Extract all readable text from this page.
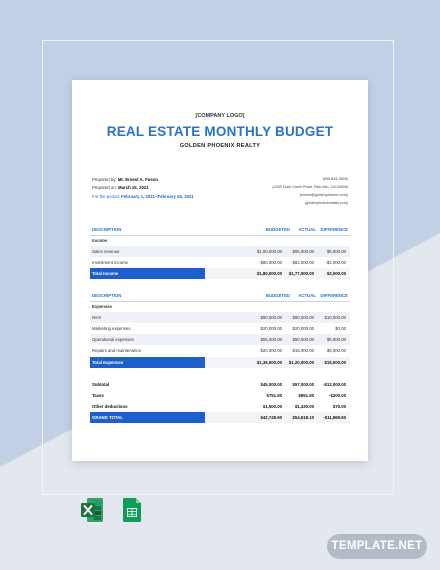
[COMPANY LOGO]
REAL ESTATE MONTHLY BUDGET
GOLDEN PHOENIX REALTY
Prepared by: Mr. Ernest A. Fuson
Prepared on: March 15, 2021
For the period: February 1, 2021–February 28, 2021
(650-843-4500)
(4330 Duck Creek Road, Palo Alto, CA 94306)
(ernest@goldenphoenix.com)
(goldenphoenixrealty.com)
DESCRIPTION	BUDGETED ACTUAL DIFFERENCE
Income
Sales revenue	$1,00,000.00 $95,000.00	$5,000.00
Investment income	$80,000.00 $82,000.00	-$2,000.00
Total Income	$1,80,000.00 $1,77,000.00	$3,000.00
DESCRIPTION	BUDGETED ACTUAL DIFFERENCE
Expenses
Rent	$90,000.00 $80,000.00 $10,000.00
Marketing expenses	$20,000.00 $20,000.00	$0.00
Operational expenses	$55,000.00 $50,000.00	$5,000.00
Repairs and maintenance	$20,000.00 $15,000.00	$5,000.00
Total Expenses	$1,35,000.00 $1,20,000.00 $15,000.00
Subtotal	$45,000.00 $57,000.00 -$12,000.00
Taxes	$751.50	$951.50	-$200.00
Other deductions	$1,500.00	$1,430.00	$70.00
GRAND TOTAL	$42,748.50 $54,618.10 -$11,869.60
TEMPLATE.NET
